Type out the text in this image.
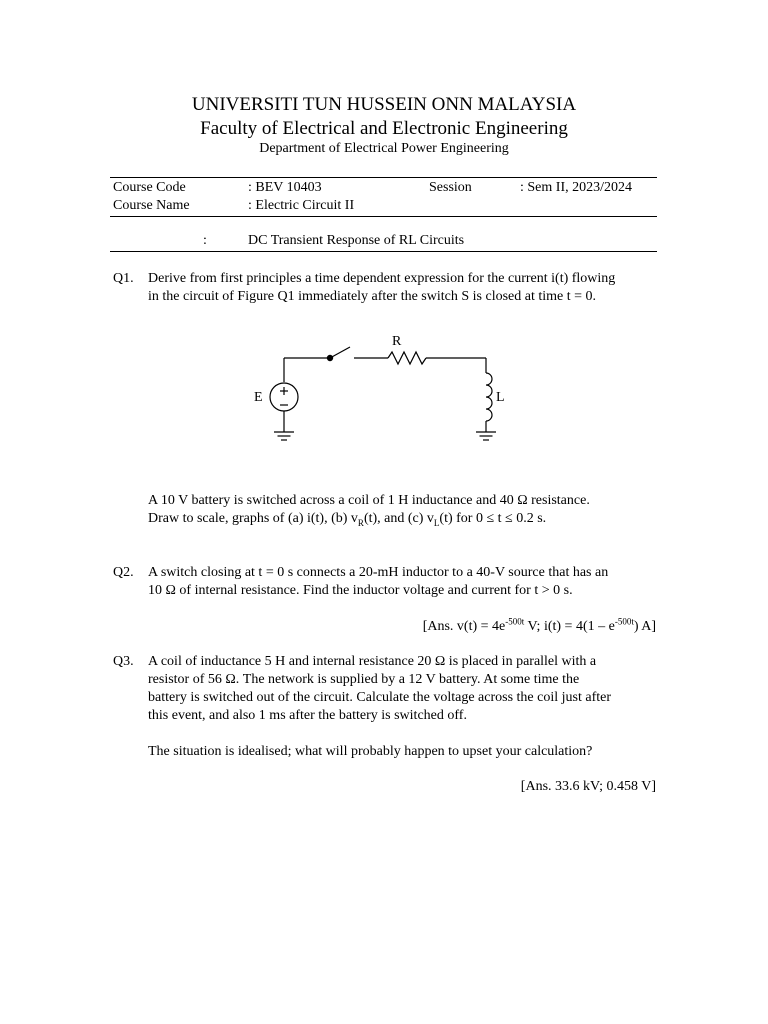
UNIVERSITI TUN HUSSEIN ONN MALAYSIA
Faculty of Electrical and Electronic Engineering
Department of Electrical Power Engineering
Course Code	: BEV 10403	Session	: Sem II, 2023/2024
Course Name	: Electric Circuit II
:	DC Transient Response of RL Circuits
Q1. Derive from first principles a time dependent expression for the current i(t) flowing
in the circuit of Figure Q1 immediately after the switch S is closed at time t = 0.
E
R
L
A 10 V battery is switched across a coil of 1 H inductance and 40 Ω resistance.
Draw to scale, graphs of (a) i(t), (b) $v_R(t)$, and (c) $v_L(t)$ for 0 ≤ t ≤ 0.2 s.
Q2. A switch closing at t = 0 s connects a 20-mH inductor to a 40-V source that has an
10 Ω of internal resistance. Find the inductor voltage and current for t > 0 s.
[Ans. $v(t) = 4e^{-500t}$ V; $i(t) = 4(1 - e^{-500t})$ A]
Q3. A coil of inductance 5 H and internal resistance 20 Ω is placed in parallel with a
resistor of 56 Ω. The network is supplied by a 12 V battery. At some time the
battery is switched out of the circuit. Calculate the voltage across the coil just after
this event, and also 1 ms after the battery is switched off.
The situation is idealised; what will probably happen to upset your calculation?
[Ans. 33.6 kV; 0.458 V]
